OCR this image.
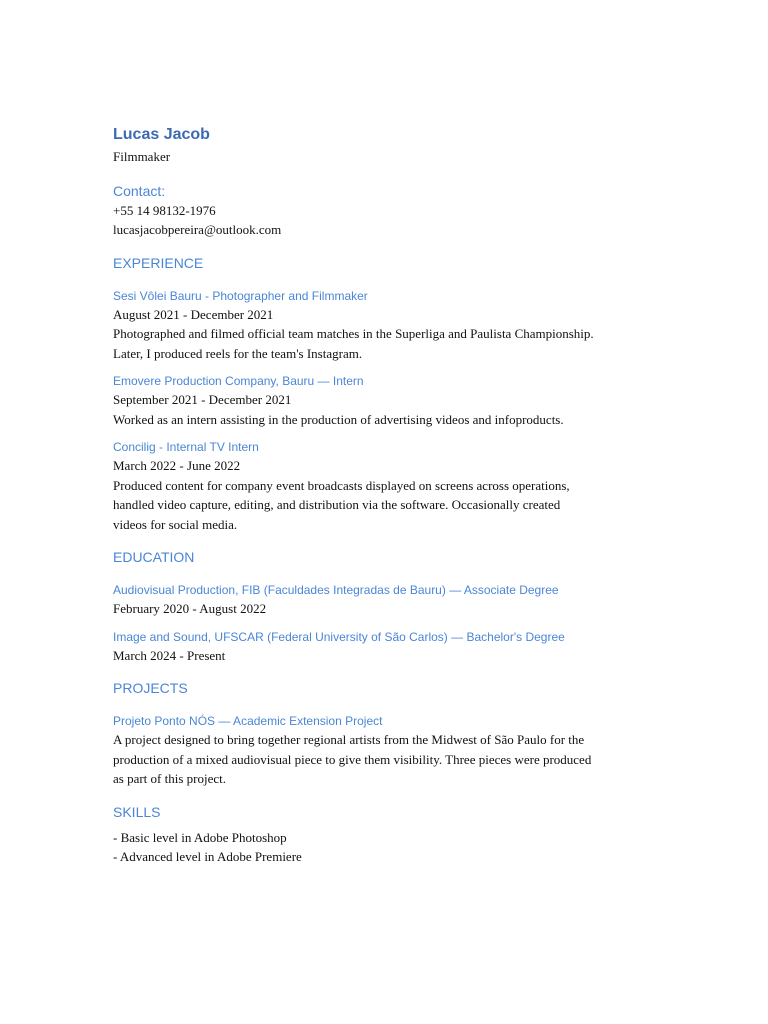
Lucas Jacob

Filmmaker

Contact:

+55 14 98132-1976

lucasjacobpereira@outlook.com

EXPERIENCE

Sesi Vôlei Bauru - Photographer and Filmmaker

August 2021 - December 2021

Photographed and filmed official team matches in the Superliga and Paulista Championship.

Later, I produced reels for the team's Instagram.

Emovere Production Company, Bauru — Intern

September 2021 - December 2021

Worked as an intern assisting in the production of advertising videos and infoproducts.

Concilig - Internal TV Intern

March 2022 - June 2022

Produced content for company event broadcasts displayed on screens across operations,

handled video capture, editing, and distribution via the software. Occasionally created

videos for social media.

EDUCATION

Audiovisual Production, FIB (Faculdades Integradas de Bauru) — Associate Degree

February 2020 - August 2022

Image and Sound, UFSCAR (Federal University of São Carlos) — Bachelor's Degree

March 2024 - Present

PROJECTS

Projeto Ponto NÓS — Academic Extension Project

A project designed to bring together regional artists from the Midwest of São Paulo for the

production of a mixed audiovisual piece to give them visibility. Three pieces were produced

as part of this project.

SKILLS

- Basic level in Adobe Photoshop

- Advanced level in Adobe Premiere
